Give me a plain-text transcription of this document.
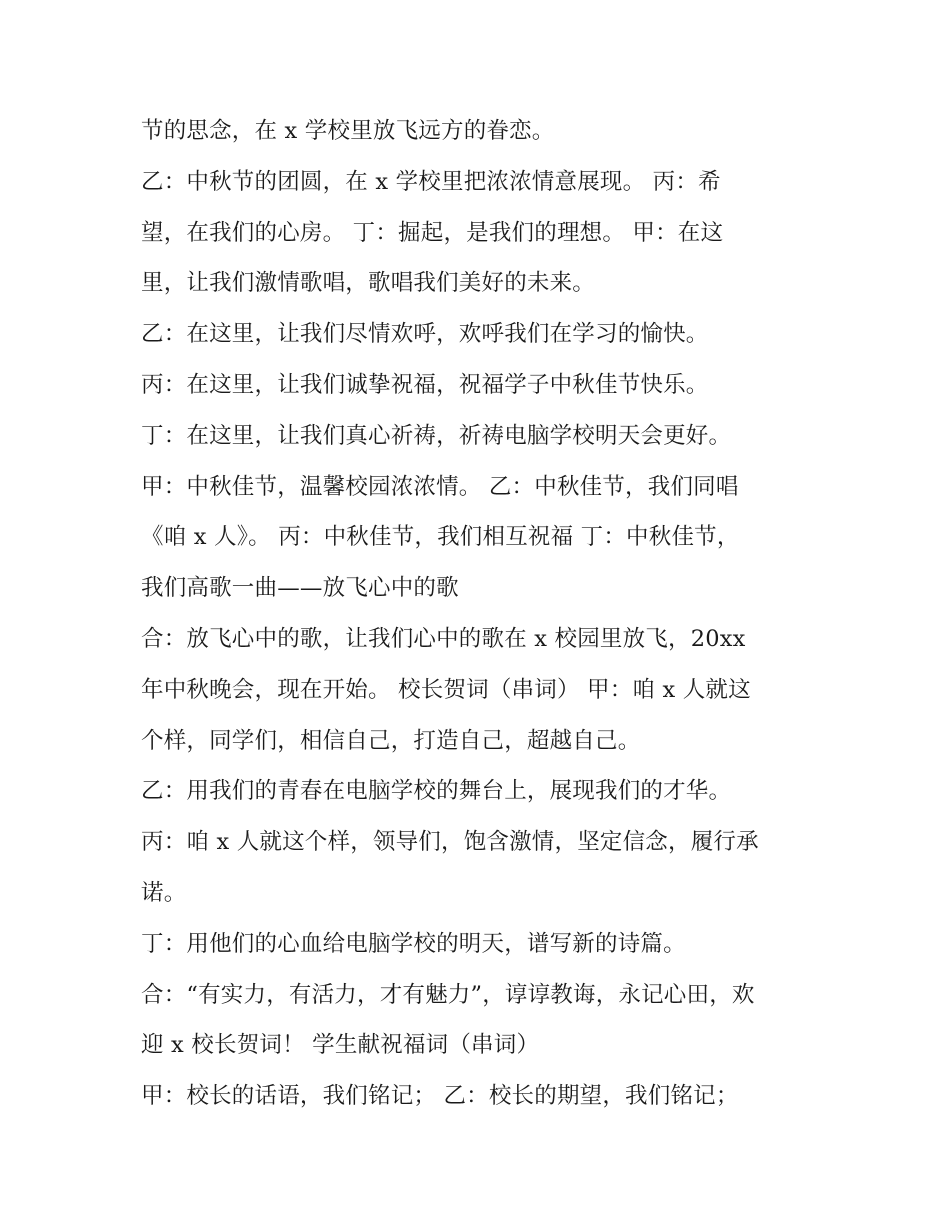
节的思念，在 x 学校里放飞远方的眷恋。
乙：中秋节的团圆，在 x 学校里把浓浓情意展现。 丙：希
望，在我们的心房。 丁：掘起，是我们的理想。 甲：在这
里，让我们激情歌唱，歌唱我们美好的未来。
乙：在这里，让我们尽情欢呼，欢呼我们在学习的愉快。
丙：在这里，让我们诚挚祝福，祝福学子中秋佳节快乐。
丁：在这里，让我们真心祈祷，祈祷电脑学校明天会更好。
甲：中秋佳节，温馨校园浓浓情。 乙：中秋佳节，我们同唱
《咱 x 人》。 丙：中秋佳节，我们相互祝福 丁：中秋佳节，
我们高歌一曲——放飞心中的歌
合：放飞心中的歌，让我们心中的歌在 x 校园里放飞，20xx
年中秋晚会，现在开始。 校长贺词（串词） 甲：咱 x 人就这
个样，同学们，相信自己，打造自己，超越自己。
乙：用我们的青春在电脑学校的舞台上，展现我们的才华。
丙：咱 x 人就这个样，领导们，饱含激情，坚定信念，履行承
诺。
丁：用他们的心血给电脑学校的明天，谱写新的诗篇。
合：“有实力，有活力，才有魅力”，谆谆教诲，永记心田，欢
迎 x 校长贺词！ 学生献祝福词（串词）
甲：校长的话语，我们铭记； 乙：校长的期望，我们铭记；
